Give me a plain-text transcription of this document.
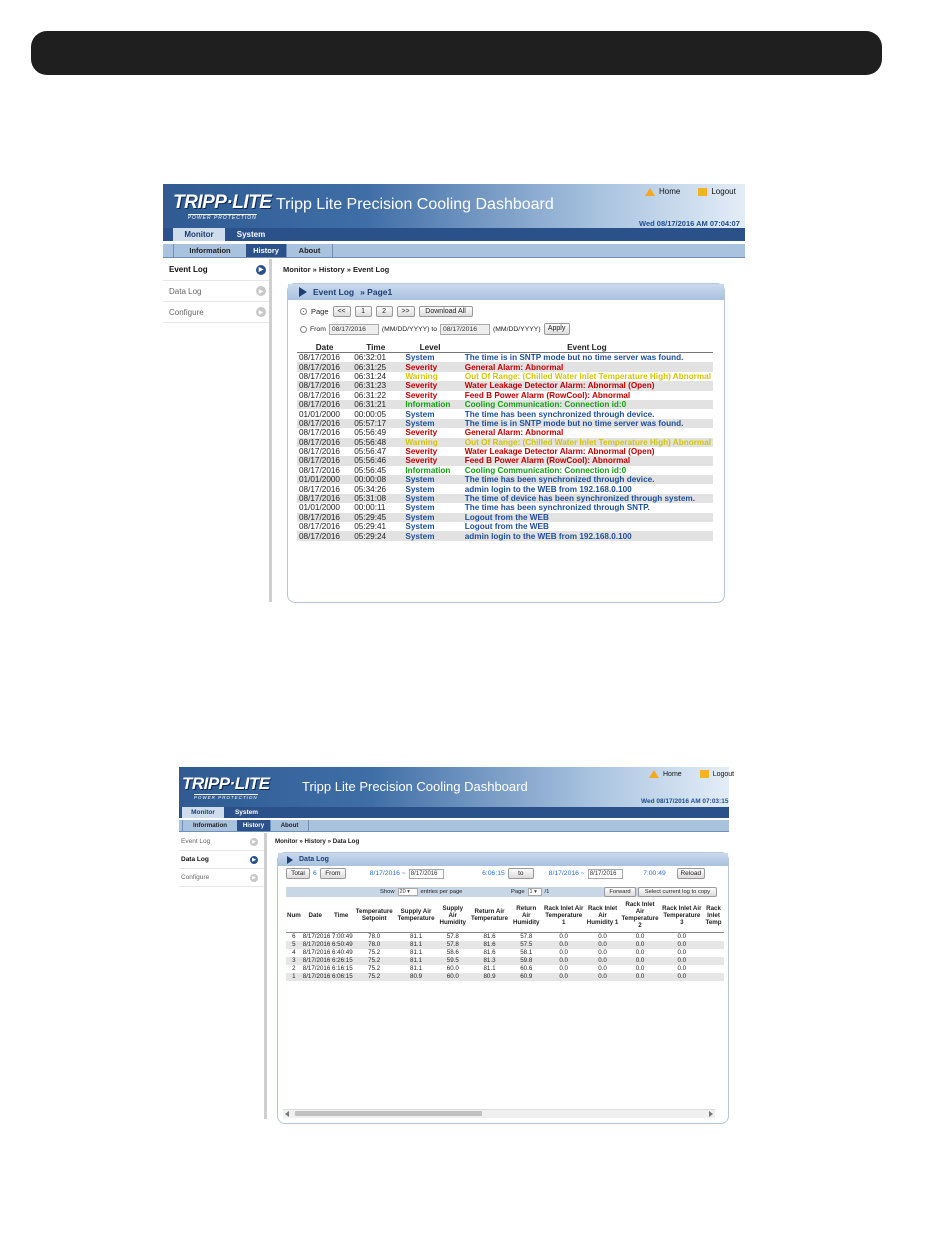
TRIPP·LITE
POWER PROTECTION
Tripp Lite Precision Cooling Dashboard
Home	Logout
Wed 08/17/2016 AM 07:04:07
Monitor	System
Information	History	About
Event Log	▶
Data Log	▶
Configure	▶
Monitor » History » Event Log
Event Log » Page1
Page	<<	1	2	>>	Download All
From 08/17/2016	(MM/DD/YYYY) to 08/17/2016	(MM/DD/YYYY)	Apply
Date	Time	Level	Event Log
08/17/2016	06:32:01	System	The time is in SNTP mode but no time server was found.
08/17/2016	06:31:25	Severity	General Alarm: Abnormal
08/17/2016	06:31:24	Warning	Out Of Range: (Chilled Water Inlet Temperature High) Abnormal
08/17/2016	06:31:23	Severity	Water Leakage Detector Alarm: Abnormal (Open)
08/17/2016	06:31:22	Severity	Feed B Power Alarm (RowCool): Abnormal
08/17/2016	06:31:21	Information	Cooling Communication: Connection id:0
01/01/2000	00:00:05	System	The time has been synchronized through device.
08/17/2016	05:57:17	System	The time is in SNTP mode but no time server was found.
08/17/2016	05:56:49	Severity	General Alarm: Abnormal
08/17/2016	05:56:48	Warning	Out Of Range: (Chilled Water Inlet Temperature High) Abnormal
08/17/2016	05:56:47	Severity	Water Leakage Detector Alarm: Abnormal (Open)
08/17/2016	05:56:46	Severity	Feed B Power Alarm (RowCool): Abnormal
08/17/2016	05:56:45	Information	Cooling Communication: Connection id:0
01/01/2000	00:00:08	System	The time has been synchronized through device.
08/17/2016	05:34:26	System	admin login to the WEB from 192.168.0.100
08/17/2016	05:31:08	System	The time of device has been synchronized through system.
01/01/2000	00:00:11	System	The time has been synchronized through SNTP.
08/17/2016	05:29:45	System	Logout from the WEB
08/17/2016	05:29:41	System	Logout from the WEB
08/17/2016	05:29:24	System	admin login to the WEB from 192.168.0.100
TRIPP·LITE
POWER PROTECTION
Tripp Lite Precision Cooling Dashboard
Home	Logout
Wed 08/17/2016 AM 07:03:15
Monitor	System
Information	History	About
Event Log	▶
Data Log	▶
Configure	▶
Monitor » History » Data Log
Data Log
Total	6	From	8/17/2016 ~ 8/17/2016	6:06:15	to	8/17/2016 ~ 8/17/2016	7:00:49	Reload
Show 20 ▾	entries per page	Page 1 ▾	/1	Forward	Select current log to copy
Num	Date	Time	Temperature Setpoint	Supply Air Temperature	Supply Air Humidity	Return Air Temperature	Return Air Humidity	Rack Inlet Air Temperature 1	Rack Inlet Air Humidity 1	Rack Inlet Air Temperature 2	Rack Inlet Air Temperature 3	Rack Inlet Temp
6	8/17/2016 7:00:49		78.0	81.1	57.8	81.6	57.8	0.0	0.0	0.0	0.0	
5	8/17/2016 6:50:49		78.0	81.1	57.8	81.6	57.5	0.0	0.0	0.0	0.0	
4	8/17/2016 6:40:49		75.2	81.1	58.6	81.6	58.1	0.0	0.0	0.0	0.0	
3	8/17/2016 6:26:15		75.2	81.1	59.5	81.3	59.8	0.0	0.0	0.0	0.0	
2	8/17/2016 6:16:15		75.2	81.1	60.0	81.1	60.6	0.0	0.0	0.0	0.0	
1	8/17/2016 6:06:15		75.2	80.9	60.0	80.9	60.9	0.0	0.0	0.0	0.0	
